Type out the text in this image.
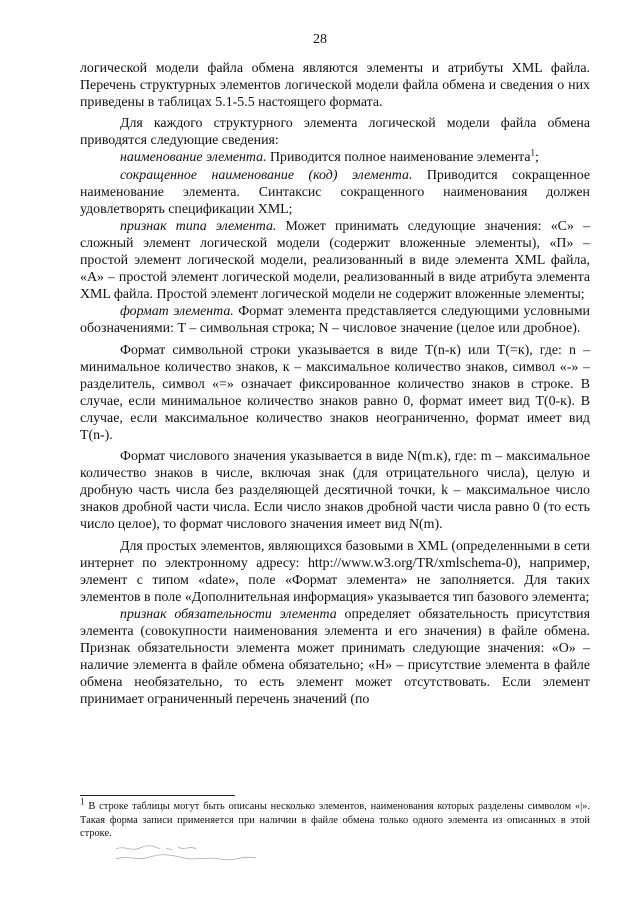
28

логической модели файла обмена являются элементы и атрибуты XML файла. Перечень структурных элементов логической модели файла обмена и сведения о них приведены в таблицах 5.1-5.5 настоящего формата.

Для каждого структурного элемента логической модели файла обмена приводятся следующие сведения:

наименование элемента. Приводится полное наименование элемента$^1$;

сокращенное наименование (код) элемента. Приводится сокращенное наименование элемента. Синтаксис сокращенного наименования должен удовлетворять спецификации XML;

признак типа элемента. Может принимать следующие значения: «С» – сложный элемент логической модели (содержит вложенные элементы), «П» – простой элемент логической модели, реализованный в виде элемента XML файла, «А» – простой элемент логической модели, реализованный в виде атрибута элемента XML файла. Простой элемент логической модели не содержит вложенные элементы;

формат элемента. Формат элемента представляется следующими условными обозначениями: Т – символьная строка; N – числовое значение (целое или дробное).

Формат символьной строки указывается в виде Т(n-к) или Т(=к), где: n – минимальное количество знаков, к – максимальное количество знаков, символ «-» – разделитель, символ «=» означает фиксированное количество знаков в строке. В случае, если минимальное количество знаков равно 0, формат имеет вид Т(0-к). В случае, если максимальное количество знаков неограниченно, формат имеет вид Т(n-).

Формат числового значения указывается в виде N(m.к), где: m – максимальное количество знаков в числе, включая знак (для отрицательного числа), целую и дробную часть числа без разделяющей десятичной точки, k – максимальное число знаков дробной части числа. Если число знаков дробной части числа равно 0 (то есть число целое), то формат числового значения имеет вид N(m).

Для простых элементов, являющихся базовыми в XML (определенными в сети интернет по электронному адресу: http://www.w3.org/TR/xmlschema-0), например, элемент с типом «date», поле «Формат элемента» не заполняется. Для таких элементов в поле «Дополнительная информация» указывается тип базового элемента;

признак обязательности элемента определяет обязательность присутствия элемента (совокупности наименования элемента и его значения) в файле обмена. Признак обязательности элемента может принимать следующие значения: «О» – наличие элемента в файле обмена обязательно; «Н» – присутствие элемента в файле обмена необязательно, то есть элемент может отсутствовать. Если элемент принимает ограниченный перечень значений (по

$^1$ В строке таблицы могут быть описаны несколько элементов, наименования которых разделены символом «|». Такая форма записи применяется при наличии в файле обмена только одного элемента из описанных в этой строке.
